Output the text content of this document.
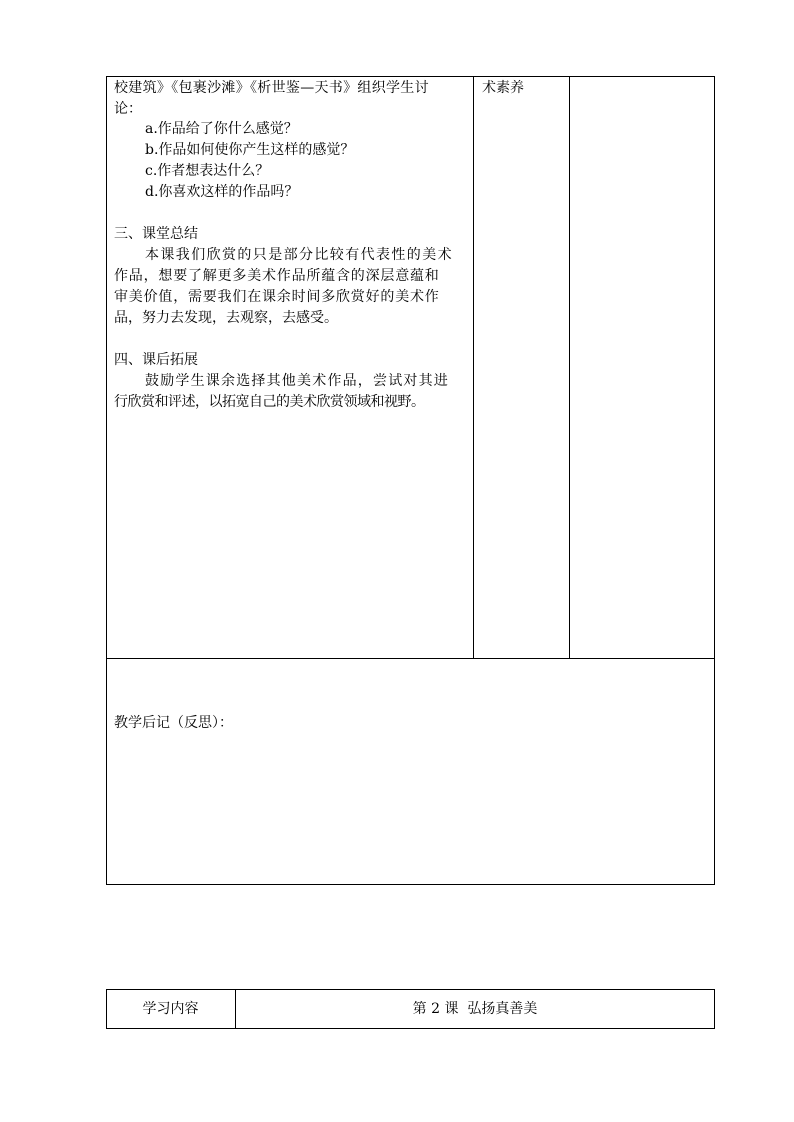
校建筑》《包裹沙滩》《析世鉴—天书》组织学生讨
论：
a.作品给了你什么感觉？
b.作品如何使你产生这样的感觉？
c.作者想表达什么？
d.你喜欢这样的作品吗？
三、课堂总结
本课我们欣赏的只是部分比较有代表性的美术
作品，想要了解更多美术作品所蕴含的深层意蕴和
审美价值，需要我们在课余时间多欣赏好的美术作
品，努力去发现，去观察，去感受。
四、课后拓展
鼓励学生课余选择其他美术作品，尝试对其进
行欣赏和评述，以拓宽自己的美术欣赏领域和视野。
术素养
教学后记（反思）：
学习内容	第 2 课  弘扬真善美
